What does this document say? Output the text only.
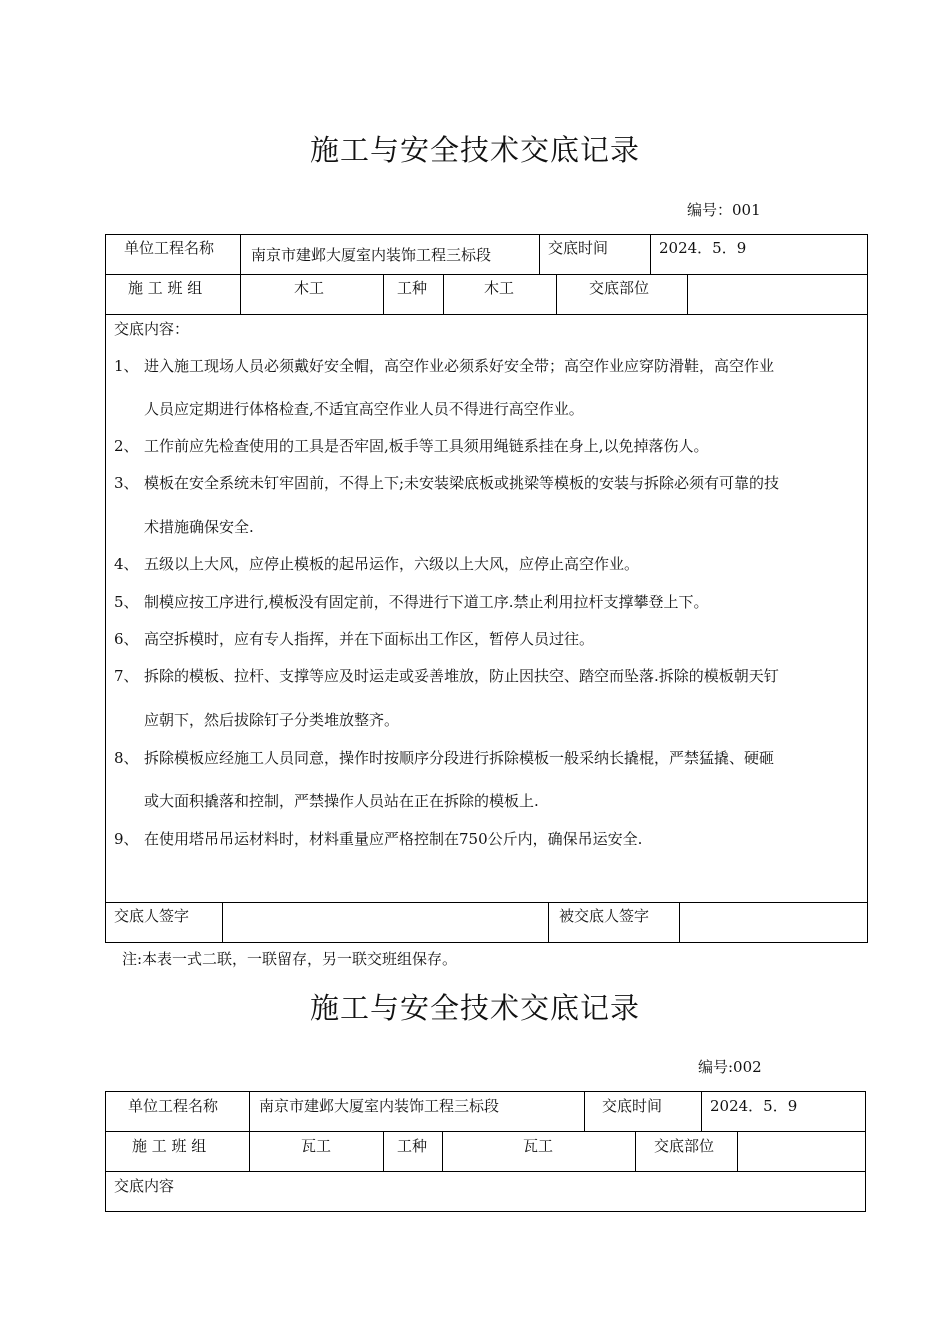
施工与安全技术交底记录
编号：001
单位工程名称 南京市建邺大厦室内装饰工程三标段	交底时间	2024．5．9
施 工 班 组	木工	工种	木工	交底部位
交底内容：
1、 进入施工现场人员必须戴好安全帽，高空作业必须系好安全带；高空作业应穿防滑鞋，高空作业
人员应定期进行体格检查,不适宜高空作业人员不得进行高空作业。
2、 工作前应先检查使用的工具是否牢固,板手等工具须用绳链系挂在身上,以免掉落伤人。
3、 模板在安全系统未钉牢固前，不得上下;未安装梁底板或挑梁等模板的安装与拆除必须有可靠的技
术措施确保安全.
4、 五级以上大风，应停止模板的起吊运作，六级以上大风，应停止高空作业。
5、 制模应按工序进行,模板没有固定前，不得进行下道工序.禁止利用拉杆支撑攀登上下。
6、 高空拆模时，应有专人指挥，并在下面标出工作区，暂停人员过往。
7、 拆除的模板、拉杆、支撑等应及时运走或妥善堆放，防止因扶空、踏空而坠落.拆除的模板朝天钉
应朝下，然后拔除钉子分类堆放整齐。
8、 拆除模板应经施工人员同意，操作时按顺序分段进行拆除模板一般采纳长撬棍，严禁猛撬、硬砸
或大面积撬落和控制，严禁操作人员站在正在拆除的模板上.
9、 在使用塔吊吊运材料时，材料重量应严格控制在750公斤内，确保吊运安全.
交底人签字	被交底人签字
注:本表一式二联，一联留存，另一联交班组保存。
施工与安全技术交底记录
编号:002
单位工程名称	南京市建邺大厦室内装饰工程三标段	交底时间	2024．5．9
施 工 班 组	瓦工	工种	瓦工	交底部位
交底内容
